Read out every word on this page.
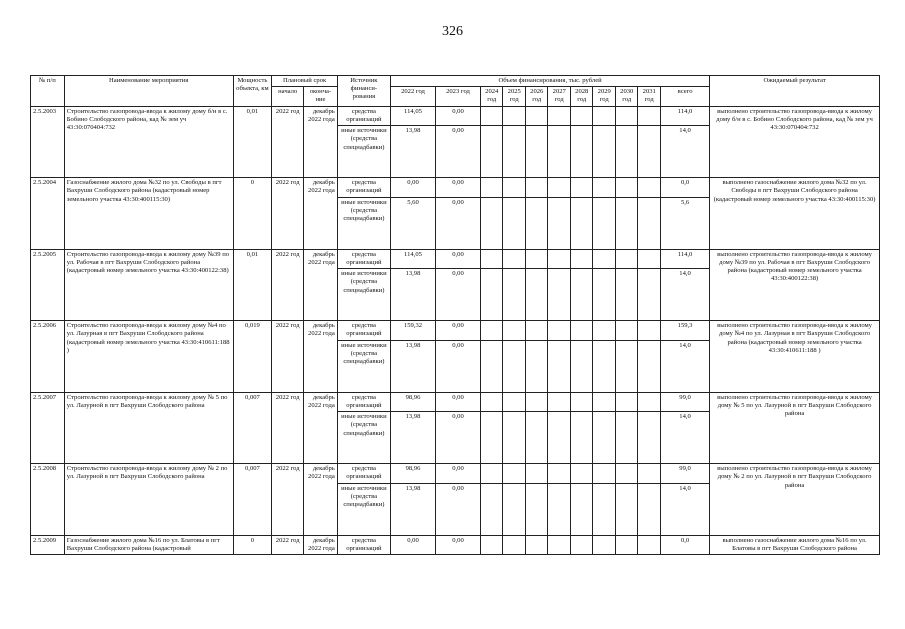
326
№ п/п	Наименование мероприятия	Мощность объекта, км	Плановый срок		Источник финанси-рования	Объем финансирования, тыс. рублей											Ожидаемый результат
			начало	оконча-ние		2022 год	2023 год	2024 год	2025 год	2026 год	2027 год	2028 год	2029 год	2030 год	2031 год	всего	
2.5.2003	Строительство газопровода-ввода к жилому дому б/н в с. Бобино Слободского района, кад № зем уч 43:30:070404:732	0,01	2022 год	декабрь 2022 года	средства организаций	114,05	0,00									114,0	выполнено строительство газопровода-ввода к жилому дому б/н в с. Бобино Слободского района, кад № зем уч 43:30:070404:732
					иные источники (средства спецнадбавки)	13,98	0,00									14,0	
2.5.2004	Газоснабжение жилого дома №32 по ул. Свободы в пгт Вахруши Слободского района (кадастровый номер земельного участка 43:30:400115:30)	0	2022 год	декабрь 2022 года	средства организаций	0,00	0,00									0,0	выполнено газоснабжение жилого дома №32 по ул. Свободы в пгт Вахруши Слободского района (кадастровый номер земельного участка 43:30:400115:30)
					иные источники (средства спецнадбавки)	5,60	0,00									5,6	
2.5.2005	Строительство газопровода-ввода к жилому дому №39 по ул. Рабочая в пгт Вахруши Слободского района (кадастровый номер земельного участка 43:30:400122:38)	0,01	2022 год	декабрь 2022 года	средства организаций	114,05	0,00									114,0	выполнено строительство газопровода-ввода к жилому дому №39 по ул. Рабочая в пгт Вахруши Слободского района (кадастровый номер земельного участка 43:30:400122:38)
					иные источники (средства спецнадбавки)	13,98	0,00									14,0	
2.5.2006	Строительство газопровода-ввода к жилому дому №4 по ул. Лазурная в пгт Вахруши Слободского района (кадастровый номер земельного участка 43:30:410611:188 )	0,019	2022 год	декабрь 2022 года	средства организаций	159,32	0,00									159,3	выполнено строительство газопровода-ввода к жилому дому №4 по ул. Лазурная в пгт Вахруши Слободского района (кадастровый номер земельного участка 43:30:410611:188 )
					иные источники (средства спецнадбавки)	13,98	0,00									14,0	
2.5.2007	Строительство газопровода-ввода к жилому дому № 5 по ул. Лазурной в пгт Вахруши Слободского района	0,007	2022 год	декабрь 2022 года	средства организаций	98,96	0,00									99,0	выполнено строительство газопровода-ввода к жилому дому № 5 по ул. Лазурной в пгт Вахруши Слободского района
					иные источники (средства спецнадбавки)	13,98	0,00									14,0	
2.5.2008	Строительство газопровода-ввода к жилому дому № 2 по ул. Лазурной в пгт Вахруши Слободского района	0,007	2022 год	декабрь 2022 года	средства организаций	98,96	0,00									99,0	выполнено строительство газопровода-ввода к жилому дому № 2 по ул. Лазурной в пгт Вахруши Слободского района
					иные источники (средства спецнадбавки)	13,98	0,00									14,0	
2.5.2009	Газоснабжение жилого дома №16 по ул. Блатовы в пгт Вахруши Слободского района (кадастровый	0	2022 год	декабрь 2022 года	средства организаций	0,00	0,00									0,0	выполнено газоснабжение жилого дома №16 по ул. Блатовы в пгт Вахруши Слободского района
